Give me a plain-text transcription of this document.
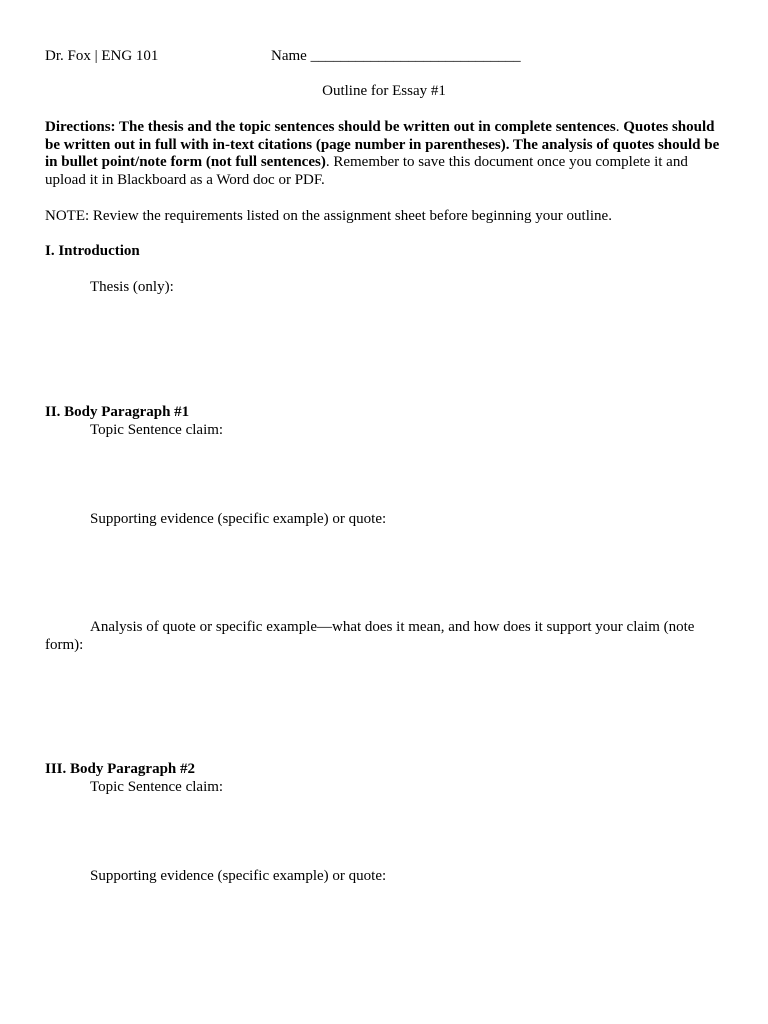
Dr. Fox | ENG 101	Name ____________________________
Outline for Essay #1
Directions: The thesis and the topic sentences should be written out in complete sentences. Quotes should be written out in full with in-text citations (page number in parentheses). The analysis of quotes should be in bullet point/note form (not full sentences). Remember to save this document once you complete it and upload it in Blackboard as a Word doc or PDF.
NOTE: Review the requirements listed on the assignment sheet before beginning your outline.
I. Introduction
Thesis (only):
II. Body Paragraph #1
Topic Sentence claim:
Supporting evidence (specific example) or quote:
Analysis of quote or specific example—what does it mean, and how does it support your claim (note
form):
III. Body Paragraph #2
Topic Sentence claim:
Supporting evidence (specific example) or quote:
